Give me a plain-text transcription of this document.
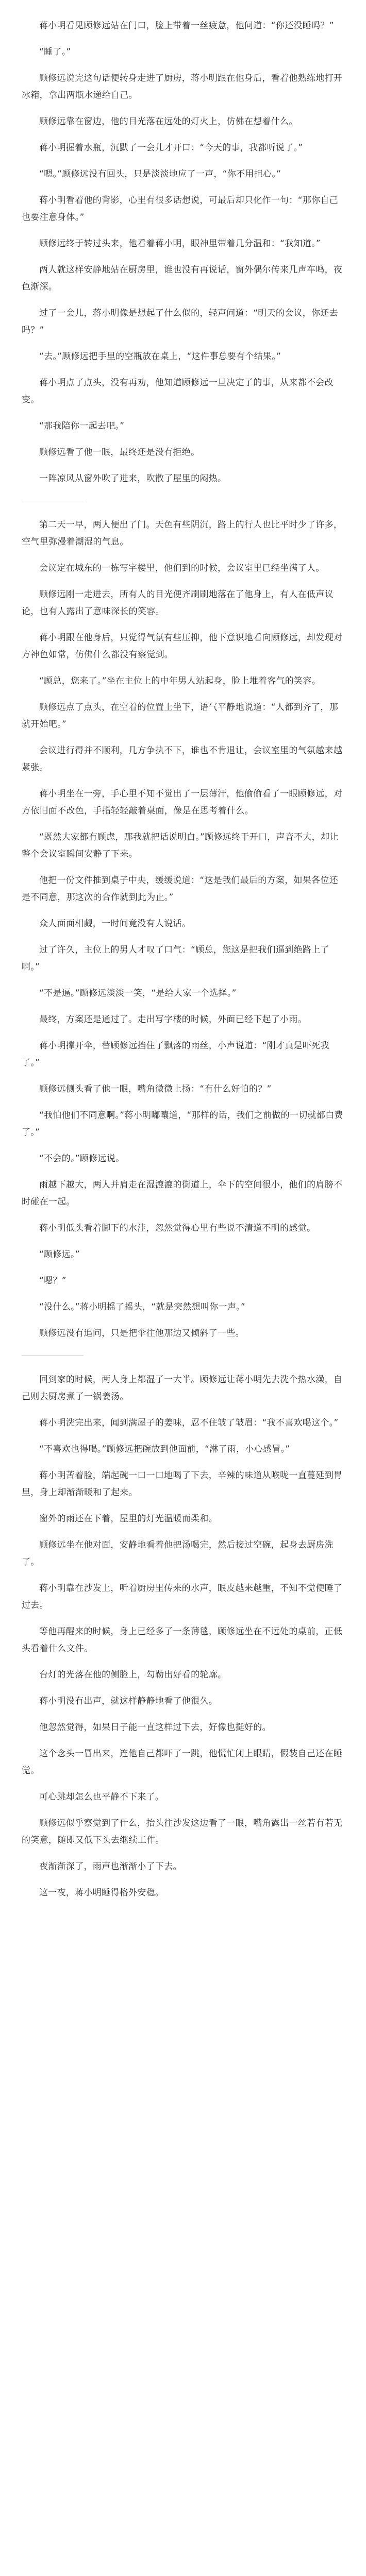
蒋小明看见顾修远站在门口，脸上带着一丝疲惫，他问道：“你还没睡吗？”

“睡了。”

顾修远说完这句话便转身走进了厨房，蒋小明跟在他身后，看着他熟练地打开冰箱，拿出两瓶水递给自己。

顾修远靠在窗边，他的目光落在远处的灯火上，仿佛在想着什么。

蒋小明握着水瓶，沉默了一会儿才开口：“今天的事，我都听说了。”

“嗯。”顾修远没有回头，只是淡淡地应了一声，“你不用担心。”

蒋小明看着他的背影，心里有很多话想说，可最后却只化作一句：“那你自己也要注意身体。”

顾修远终于转过头来，他看着蒋小明，眼神里带着几分温和：“我知道。”

两人就这样安静地站在厨房里，谁也没有再说话，窗外偶尔传来几声车鸣，夜色渐深。

过了一会儿，蒋小明像是想起了什么似的，轻声问道：“明天的会议，你还去吗？”

“去。”顾修远把手里的空瓶放在桌上，“这件事总要有个结果。”

蒋小明点了点头，没有再劝，他知道顾修远一旦决定了的事，从来都不会改变。

“那我陪你一起去吧。”

顾修远看了他一眼，最终还是没有拒绝。

一阵凉风从窗外吹了进来，吹散了屋里的闷热。

第二天一早，两人便出了门。天色有些阴沉，路上的行人也比平时少了许多，空气里弥漫着潮湿的气息。

会议定在城东的一栋写字楼里，他们到的时候，会议室里已经坐满了人。

顾修远刚一走进去，所有人的目光便齐刷刷地落在了他身上，有人在低声议论，也有人露出了意味深长的笑容。

蒋小明跟在他身后，只觉得气氛有些压抑，他下意识地看向顾修远，却发现对方神色如常，仿佛什么都没有察觉到。

“顾总，您来了。”坐在主位上的中年男人站起身，脸上堆着客气的笑容。

顾修远点了点头，在空着的位置上坐下，语气平静地说道：“人都到齐了，那就开始吧。”

会议进行得并不顺利，几方争执不下，谁也不肯退让，会议室里的气氛越来越紧张。

蒋小明坐在一旁，手心里不知不觉出了一层薄汗，他偷偷看了一眼顾修远，对方依旧面不改色，手指轻轻敲着桌面，像是在思考着什么。

“既然大家都有顾虑，那我就把话说明白。”顾修远终于开口，声音不大，却让整个会议室瞬间安静了下来。

他把一份文件推到桌子中央，缓缓说道：“这是我们最后的方案，如果各位还是不同意，那这次的合作就到此为止。”

众人面面相觑，一时间竟没有人说话。

过了许久，主位上的男人才叹了口气：“顾总，您这是把我们逼到绝路上了啊。”

“不是逼。”顾修远淡淡一笑，“是给大家一个选择。”

最终，方案还是通过了。走出写字楼的时候，外面已经下起了小雨。

蒋小明撑开伞，替顾修远挡住了飘落的雨丝，小声说道：“刚才真是吓死我了。”

顾修远侧头看了他一眼，嘴角微微上扬：“有什么好怕的？”

“我怕他们不同意啊。”蒋小明嘟囔道，“那样的话，我们之前做的一切就都白费了。”

“不会的。”顾修远说。

雨越下越大，两人并肩走在湿漉漉的街道上，伞下的空间很小，他们的肩膀不时碰在一起。

蒋小明低头看着脚下的水洼，忽然觉得心里有些说不清道不明的感觉。

“顾修远。”

“嗯？”

“没什么。”蒋小明摇了摇头，“就是突然想叫你一声。”

顾修远没有追问，只是把伞往他那边又倾斜了一些。

回到家的时候，两人身上都湿了一大半。顾修远让蒋小明先去洗个热水澡，自己则去厨房煮了一锅姜汤。

蒋小明洗完出来，闻到满屋子的姜味，忍不住皱了皱眉：“我不喜欢喝这个。”

“不喜欢也得喝。”顾修远把碗放到他面前，“淋了雨，小心感冒。”

蒋小明苦着脸，端起碗一口一口地喝了下去，辛辣的味道从喉咙一直蔓延到胃里，身上却渐渐暖和了起来。

窗外的雨还在下着，屋里的灯光温暖而柔和。

顾修远坐在他对面，安静地看着他把汤喝完，然后接过空碗，起身去厨房洗了。

蒋小明靠在沙发上，听着厨房里传来的水声，眼皮越来越重，不知不觉便睡了过去。

等他再醒来的时候，身上已经多了一条薄毯，顾修远坐在不远处的桌前，正低头看着什么文件。

台灯的光落在他的侧脸上，勾勒出好看的轮廓。

蒋小明没有出声，就这样静静地看了他很久。

他忽然觉得，如果日子能一直这样过下去，好像也挺好的。

这个念头一冒出来，连他自己都吓了一跳，他慌忙闭上眼睛，假装自己还在睡觉。

可心跳却怎么也平静不下来了。

顾修远似乎察觉到了什么，抬头往沙发这边看了一眼，嘴角露出一丝若有若无的笑意，随即又低下头去继续工作。

夜渐渐深了，雨声也渐渐小了下去。

这一夜，蒋小明睡得格外安稳。
